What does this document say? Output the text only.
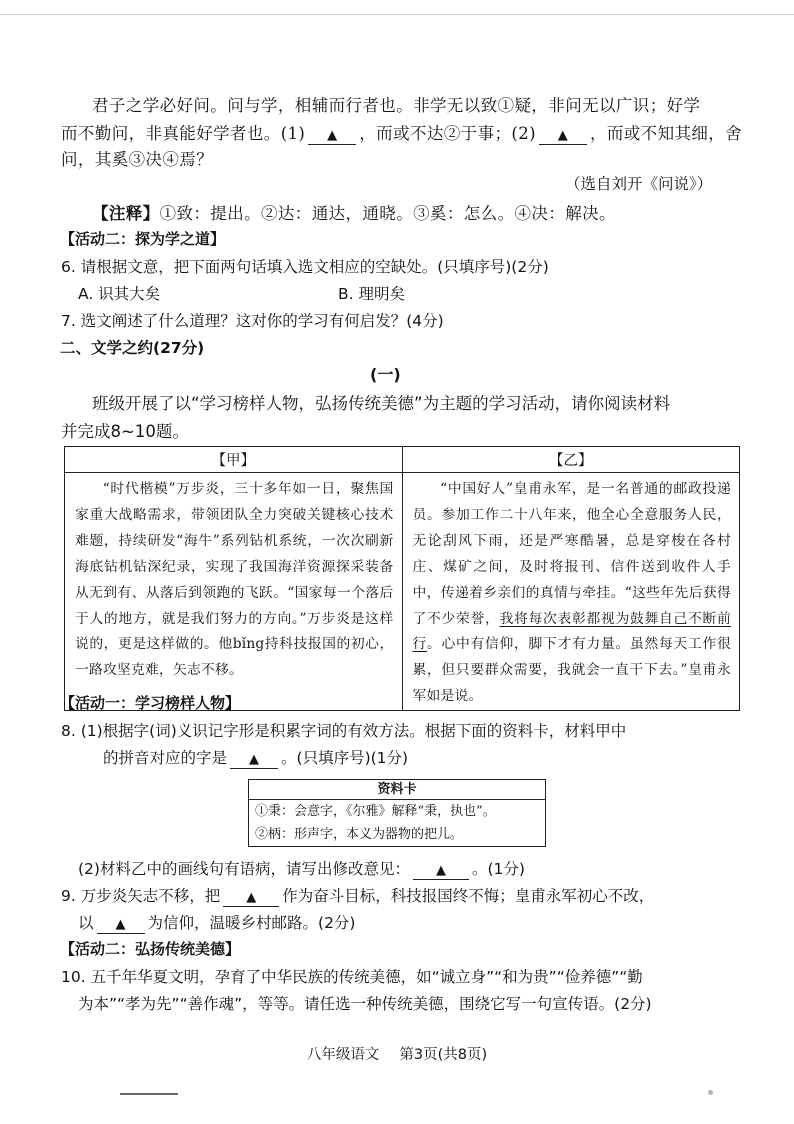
君子之学必好问。问与学，相辅而行者也。非学无以致①疑，非问无以广识；好学
而不勤问，非真能好学者也。(1) ▲ ，而或不达②于事；(2) ▲ ，而或不知其细，舍
问，其奚③决④焉？
（选自刘开《问说》）
【注释】①致：提出。②达：通达，通晓。③奚：怎么。④决：解决。
【活动二：探为学之道】
6. 请根据文意，把下面两句话填入选文相应的空缺处。(只填序号)(2分)
A. 识其大矣	B. 理明矣
7. 选文阐述了什么道理？这对你的学习有何启发？(4分)
二、文学之约(27分)
(一)
班级开展了以“学习榜样人物，弘扬传统美德”为主题的学习活动，请你阅读材料
并完成8~10题。
【甲】	【乙】

“时代楷模”万步炎，三十多年如一日，聚焦国家重大战略需求，带领团队全力突破关键核心技术难题，持续研发“海牛”系列钻机系统，一次次刷新海底钻机钻深纪录，实现了我国海洋资源探采装备从无到有、从落后到领跑的飞跃。“国家每一个落后于人的地方，就是我们努力的方向。”万步炎是这样说的，更是这样做的。他bǐng持科技报国的初心，一路攻坚克难，矢志不移。	“中国好人”皇甫永军，是一名普通的邮政投递员。参加工作二十八年来，他全心全意服务人民，无论刮风下雨，还是严寒酷暑，总是穿梭在各村庄、煤矿之间，及时将报刊、信件送到收件人手中，传递着乡亲们的真情与牵挂。“这些年先后获得了不少荣誉，我将每次表彰都视为鼓舞自己不断前行。心中有信仰，脚下才有力量。虽然每天工作很累，但只要群众需要，我就会一直干下去。”皇甫永军如是说。
【活动一：学习榜样人物】
8. (1)根据字(词)义识记字形是积累字词的有效方法。根据下面的资料卡，材料甲中
的拼音对应的字是 ▲ 。(只填序号)(1分)
资料卡
①秉：会意字，《尔雅》解释“秉，执也”。
②柄：形声字，本义为器物的把儿。
(2)材料乙中的画线句有语病，请写出修改意见： ▲ 。(1分)
9. 万步炎矢志不移，把 ▲ 作为奋斗目标，科技报国终不悔；皇甫永军初心不改，
以 ▲ 为信仰，温暖乡村邮路。(2分)
【活动二：弘扬传统美德】
10. 五千年华夏文明，孕育了中华民族的传统美德，如“诚立身”“和为贵”“俭养德”“勤
为本”“孝为先”“善作魂”，等等。请任选一种传统美德，围绕它写一句宣传语。(2分)
八年级语文 第3页(共8页)
